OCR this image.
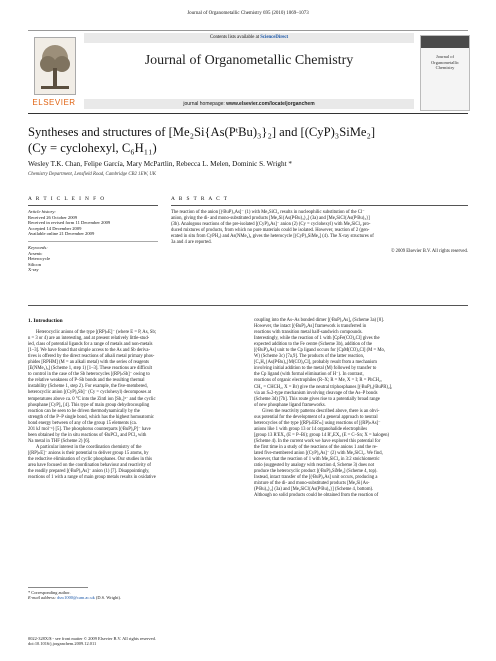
Journal of Organometallic Chemistry 695 (2010) 1069–1073
ELSEVIER
Contents lists available at ScienceDirect
Journal of Organometallic Chemistry
journal homepage: www.elsevier.com/locate/jorganchem
Journal of Organometallic Chemistry
Syntheses and structures of [Me₂Si{As(PᵗBu)₃}₂] and [(CyP)₃SiMe₂]
(Cy = cyclohexyl, C₆H₁₁)
Wesley T.K. Chan, Felipe García, Mary McPartlin, Rebecca L. Melen, Dominic S. Wright *
Chemistry Department, Lensfield Road, Cambridge CB2 1EW, UK
A R T I C L E I N F O
Article history:
Received 26 October 2009
Received in revised form 11 December 2009
Accepted 14 December 2009
Available online 21 December 2009
Keywords:
Arsenic
Heterocycle
Silicon
X-ray
A B S T R A C T
The reaction of the anion [(ᵗBuP)₃As]⁻ (1) with Me₂SiCl₂ results in nucleophilic substitution of the Cl⁻
anion, giving the di- and mono-substituted products [Me₂Si{As(PᵗBu)₃}₂] (3a) and [Me₂SiCl{As(PᵗBu)₃}]
(3b). Analogous reactions of the pre-isolated [(CyP)₄As]⁻ anion (2) (Cy = cyclohexyl) with Me₂SiCl₂ pro-
duced mixtures of products, from which no pure materials could be isolated. However, reaction of 2 (gen-
erated in situ from CyPH₂) and As(NMe₂)₃ gives the heterocycle [(CyP)₃SiMe₂] (4). The X-ray structures of
3a and 4 are reported.
© 2009 Elsevier B.V. All rights reserved.
1. Introduction
Heterocyclic anions of the type [(RP)ₙE]⁻ (where E = P, As, Sb;
n = 3 or 4) are an interesting, and at present relatively little-stud-
ied, class of potential ligands for a range of metals and non-metals
[1–3]. We have found that simple access to the As and Sb deriva-
tives is offered by the direct reactions of alkali metal primary phos-
phides [RPHM] (M = an alkali metal) with the series of reagents
[E(NMe₂)₃] (Scheme 1, step 1) [1–3]. These reactions are difficult
to control in the case of the Sb heterocycles [(RP)ₙSb]⁻ owing to
the relative weakness of P–Sb bonds and the resulting thermal
instability (Scheme 1, step 2). For example, the five-membered,
heterocyclic anion [(CyP)₄Sb]⁻ (Cy = cyclohexyl) decomposes at
temperatures above ca. 0 °C into the Zintl ion [Sb₇]³⁻ and the cyclic
phosphane [CyP]₄ [4]. This type of main group dehydrocoupling
reaction can be seen to be driven thermodynamically by the
strength of the P–P single bond, which has the highest homoatomic
bond energy between of any of the group 15 elements (ca.
201 kJ mol⁻¹) [5]. The phosphorus counterparts [(ᵗBuP)₄P]⁻ have
been obtained by the in situ reactions of ᵗBuPCl₂ and PCl₃ with
Na metal in THF (Scheme 2) [6].
A particular interest in the coordination chemistry of the
[(RP)ₙE]⁻ anions is their potential to deliver group 15 atoms, by
the reductive elimination of cyclic phosphanes. Our studies in this
area have focused on the coordination behaviour and reactivity of
the readily prepared [(ᵗBuP)₃As]⁻ anion (1) [7]. Disappointingly,
reactions of 1 with a range of main group metals results in oxidative
coupling into the As–As bonded dimer [(ᵗBuP)₃As]₂ (Scheme 3a) [8].
However, the intact [(ᵗBuP)₃As] framework is transferred in
reactions with transition metal half-sandwich compounds.
Interestingly, while the reaction of 1 with [CpFe(CO)₂Cl] gives the
expected addition to the Fe centre (Scheme 3b), addition of the
[(ᵗBuP)₃As] unit to the Cp ligand occurs for [CpM(CO)₃Cl] (M = Mo,
W) (Scheme 3c) [7a,9]. The products of the latter reaction,
[C₅H₄{As(PᵗBu)₃}M(CO)₃Cl], probably result from a mechanism
involving initial addition to the metal (M) followed by transfer to
the Cp ligand (with formal elimination of H⁻). In contrast,
reactions of organic electrophiles (R–X; R = Me, X = I; R = PhCH₂,
CH₂ = CHCH₂, X = Br) give the neutral triphosphanes [(ᵗBuP)₃(ᵗBuPR)₂],
via an Sₙ2-type mechanism involving cleavage of the As–P bonds
(Scheme 3d) [7b]. This route gives rise to a potentially broad range
of new phosphane ligand frameworks.
Given the reactivity patterns described above, there is an obvi-
ous potential for the development of a general approach to neutral
heterocycles of the type [(RP)ₙER'ₘ] using reactions of [(RP)ₙAs]⁻
anions like 1 with group 13 or 14 organohalide electrophiles
[group 13 R'EX₂ (E = P–Bi); group 14 R'₂EX₂ (E = C–Sn; X = halogen)
(Scheme 4). In the current work we have explored this potential for
the first time in a study of the reactions of the anions 1 and the re-
lated five-membered anion [(CyP)₄As]⁻ (2) with Me₂SiCl₂. We find,
however, that the reaction of 1 with Me₂SiCl₂ in 3:2 stoichiometric
ratio (suggested by analogy with reaction d, Scheme 3) does not
produce the heterocyclic product [(ᵗBuP)₃SiMe₂] (Scheme 4, top).
Instead, intact transfer of the [(ᵗBuP)₃As] unit occurs, producing a
mixture of the di- and mono-substituted products [Me₂Si{As-
(PᵗBu)₃}₂] (3a) and [Me₂SiCl{As(PᵗBu)₃}] (Scheme 4, bottom).
Although no solid products could be obtained from the reaction of
* Corresponding author.
E-mail address: dsw1000@cam.ac.uk (D.S. Wright).
0022-328X/$ - see front matter © 2009 Elsevier B.V. All rights reserved.
doi:10.1016/j.jorganchem.2009.12.011
